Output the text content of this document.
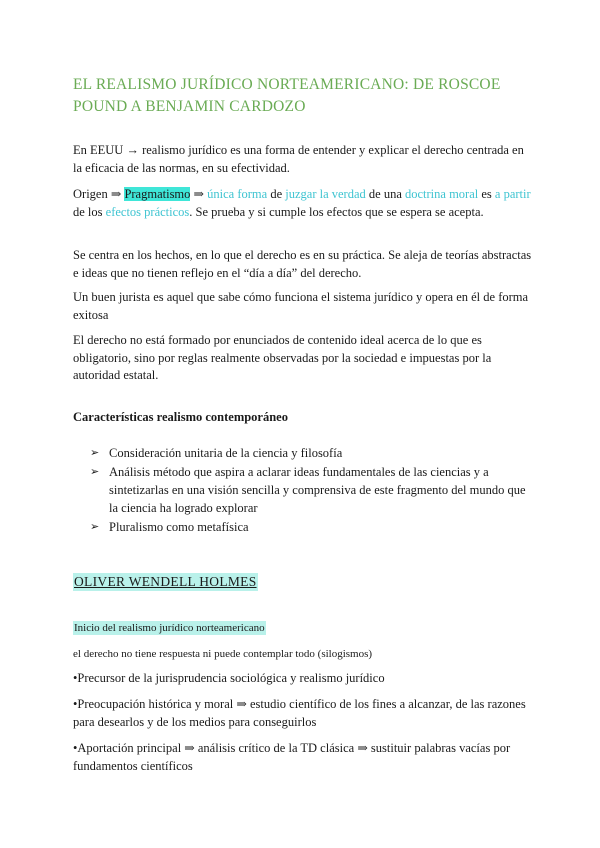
EL REALISMO JURÍDICO NORTEAMERICANO: DE ROSCOE POUND A BENJAMIN CARDOZO

En EEUU → realismo jurídico es una forma de entender y explicar el derecho centrada en la eficacia de las normas, en su efectividad.

Origen ⇒ Pragmatismo ⇒ única forma de juzgar la verdad de una doctrina moral es a partir de los efectos prácticos. Se prueba y si cumple los efectos que se espera se acepta.

Se centra en los hechos, en lo que el derecho es en su práctica. Se aleja de teorías abstractas e ideas que no tienen reflejo en el “día a día” del derecho.

Un buen jurista es aquel que sabe cómo funciona el sistema jurídico y opera en él de forma exitosa

El derecho no está formado por enunciados de contenido ideal acerca de lo que es obligatorio, sino por reglas realmente observadas por la sociedad e impuestas por la autoridad estatal.

Características realismo contemporáneo

➢ Consideración unitaria de la ciencia y filosofía
➢ Análisis método que aspira a aclarar ideas fundamentales de las ciencias y a sintetizarlas en una visión sencilla y comprensiva de este fragmento del mundo que la ciencia ha logrado explorar
➢ Pluralismo como metafísica

OLIVER WENDELL HOLMES

Inicio del realismo jurídico norteamericano

el derecho no tiene respuesta ni puede contemplar todo (silogismos)

•Precursor de la jurisprudencia sociológica y realismo jurídico

•Preocupación histórica y moral ⇒ estudio científico de los fines a alcanzar, de las razones para desearlos y de los medios para conseguirlos

•Aportación principal ⇒ análisis crítico de la TD clásica ⇒ sustituir palabras vacías por fundamentos científicos
